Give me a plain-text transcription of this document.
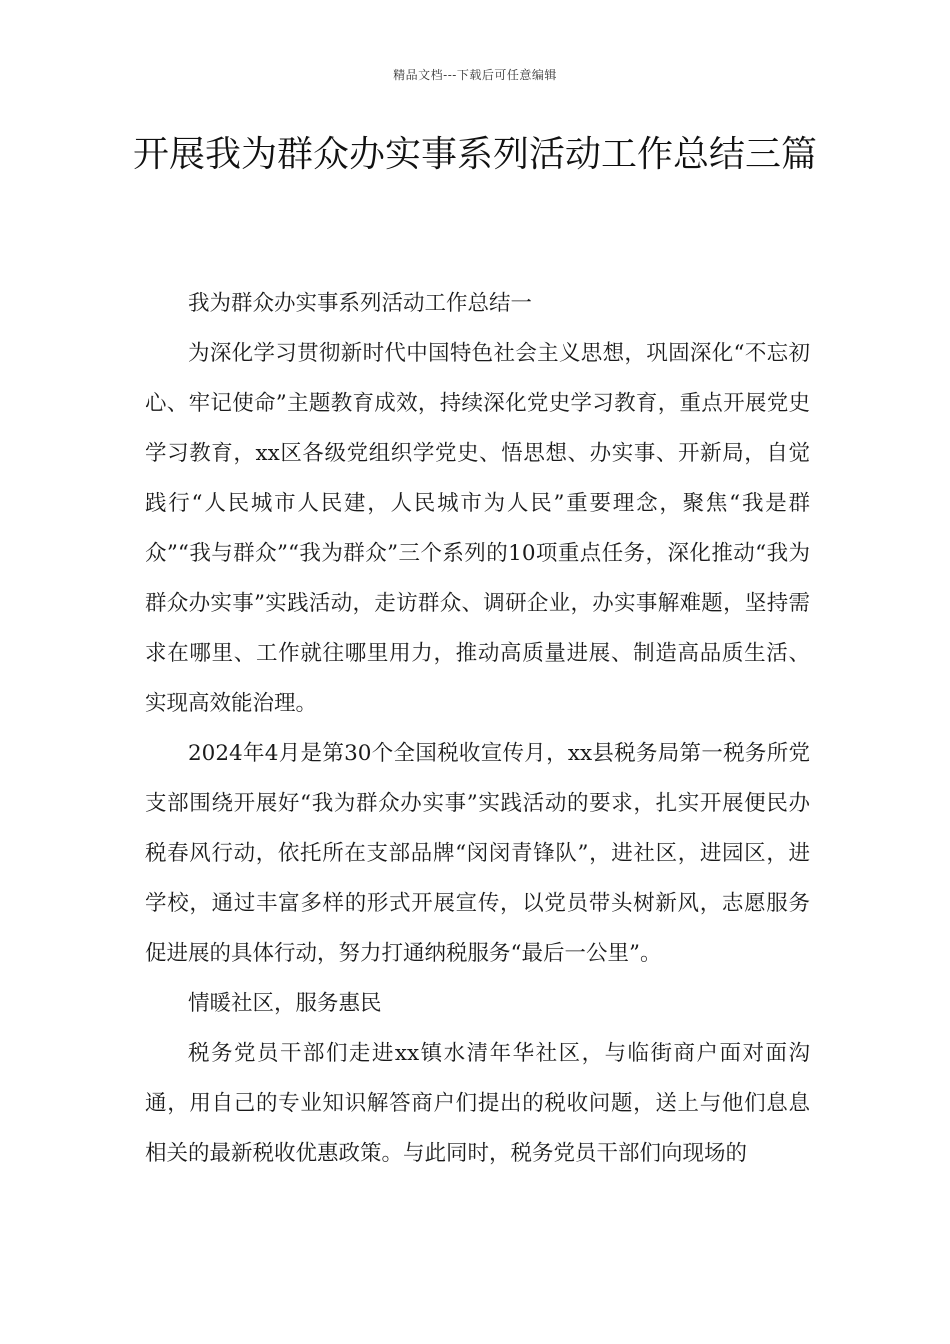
精品文档---下载后可任意编辑
开展我为群众办实事系列活动工作总结三篇

我为群众办实事系列活动工作总结一

为深化学习贯彻新时代中国特色社会主义思想，巩固深化“不忘初心、牢记使命”主题教育成效，持续深化党史学习教育，重点开展党史学习教育，xx区各级党组织学党史、悟思想、办实事、开新局，自觉践行“人民城市人民建，人民城市为人民”重要理念，聚焦“我是群众”“我与群众”“我为群众”三个系列的10项重点任务，深化推动“我为群众办实事”实践活动，走访群众、调研企业，办实事解难题，坚持需求在哪里、工作就往哪里用力，推动高质量进展、制造高品质生活、实现高效能治理。

2024年4月是第30个全国税收宣传月，xx县税务局第一税务所党支部围绕开展好“我为群众办实事”实践活动的要求，扎实开展便民办税春风行动，依托所在支部品牌“闵闵青锋队”，进社区，进园区，进学校，通过丰富多样的形式开展宣传，以党员带头树新风，志愿服务促进展的具体行动，努力打通纳税服务“最后一公里”。

情暖社区，服务惠民

税务党员干部们走进xx镇水清年华社区，与临街商户面对面沟通，用自己的专业知识解答商户们提出的税收问题，送上与他们息息相关的最新税收优惠政策。与此同时，税务党员干部们向现场的
